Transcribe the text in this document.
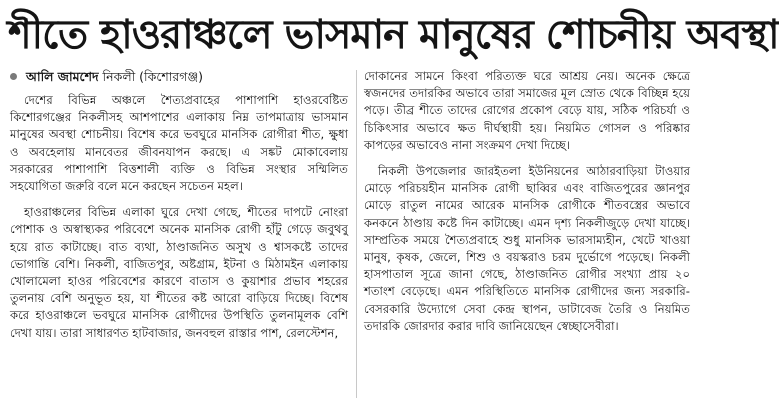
শীতে হাওরাঞ্চলে ভাসমান মানুষের শোচনীয় অবস্থা
আলি জামশেদ নিকলী (কিশোরগঞ্জ)

দেশের বিভিন্ন অঞ্চলে শৈত্যপ্রবাহের পাশাপাশি হাওরবেষ্টিত কিশোরগঞ্জের নিকলীসহ আশপাশের এলাকায় নিম্ন তাপমাত্রায় ভাসমান মানুষের অবস্থা শোচনীয়। বিশেষ করে ভবঘুরে মানসিক রোগীরা শীত, ক্ষুধা ও অবহেলায় মানবেতর জীবনযাপন করছে। এ সঙ্কট মোকাবেলায় সরকারের পাশাপাশি বিত্তশালী ব্যক্তি ও বিভিন্ন সংস্থার সম্মিলিত সহযোগিতা জরুরি বলে মনে করছেন সচেতন মহল।

হাওরাঞ্চলের বিভিন্ন এলাকা ঘুরে দেখা গেছে, শীতের দাপটে নোংরা পোশাক ও অস্বাস্থ্যকর পরিবেশে অনেক মানসিক রোগী হাঁটু গেড়ে জবুথবু হয়ে রাত কাটাচ্ছে। বাত ব্যথা, ঠাণ্ডাজনিত অসুখ ও শ্বাসকষ্টে তাদের ভোগান্তি বেশি। নিকলী, বাজিতপুর, অষ্টগ্রাম, ইটনা ও মিঠামইন এলাকায় খোলামেলা হাওর পরিবেশের কারণে বাতাস ও কুয়াশার প্রভাব শহরের তুলনায় বেশি অনুভূত হয়, যা শীতের কষ্ট আরো বাড়িয়ে দিচ্ছে। বিশেষ করে হাওরাঞ্চলে ভবঘুরে মানসিক রোগীদের উপস্থিতি তুলনামূলক বেশি দেখা যায়। তারা সাধারণত হাটবাজার, জনবহুল রাস্তার পাশ, রেলস্টেশন,

দোকানের সামনে কিংবা পরিত্যক্ত ঘরে আশ্রয় নেয়। অনেক ক্ষেত্রে স্বজনদের তদারকির অভাবে তারা সমাজের মূল স্রোত থেকে বিচ্ছিন্ন হয়ে পড়ে। তীব্র শীতে তাদের রোগের প্রকোপ বেড়ে যায়, সঠিক পরিচর্যা ও চিকিৎসার অভাবে ক্ষত দীর্ঘস্থায়ী হয়। নিয়মিত গোসল ও পরিষ্কার কাপড়ের অভাবেও নানা সংক্রমণ দেখা দিচ্ছে।

নিকলী উপজেলার জারইতলা ইউনিয়নের আঠারবাড়িয়া টাওয়ার মোড়ে পরিচয়হীন মানসিক রোগী ছাব্বির এবং বাজিতপুরের জ্ঞানপুর মোড়ে রাতুল নামের আরেক মানসিক রোগীকে শীতবস্ত্রের অভাবে কনকনে ঠাণ্ডায় কষ্টে দিন কাটাচ্ছে। এমন দৃশ্য নিকলীজুড়ে দেখা যাচ্ছে। সাম্প্রতিক সময়ে শৈত্যপ্রবাহে শুধু মানসিক ভারসাম্যহীন, খেটে খাওয়া মানুষ, কৃষক, জেলে, শিশু ও বয়স্করাও চরম দুর্ভোগে পড়েছে। নিকলী হাসপাতাল সূত্রে জানা গেছে, ঠাণ্ডাজনিত রোগীর সংখ্যা প্রায় ২০ শতাংশ বেড়েছে। এমন পরিস্থিতিতে মানসিক রোগীদের জন্য সরকারি-বেসরকারি উদ্যোগে সেবা কেন্দ্র স্থাপন, ডাটাবেজ তৈরি ও নিয়মিত তদারকি জোরদার করার দাবি জানিয়েছেন স্বেচ্ছাসেবীরা।
